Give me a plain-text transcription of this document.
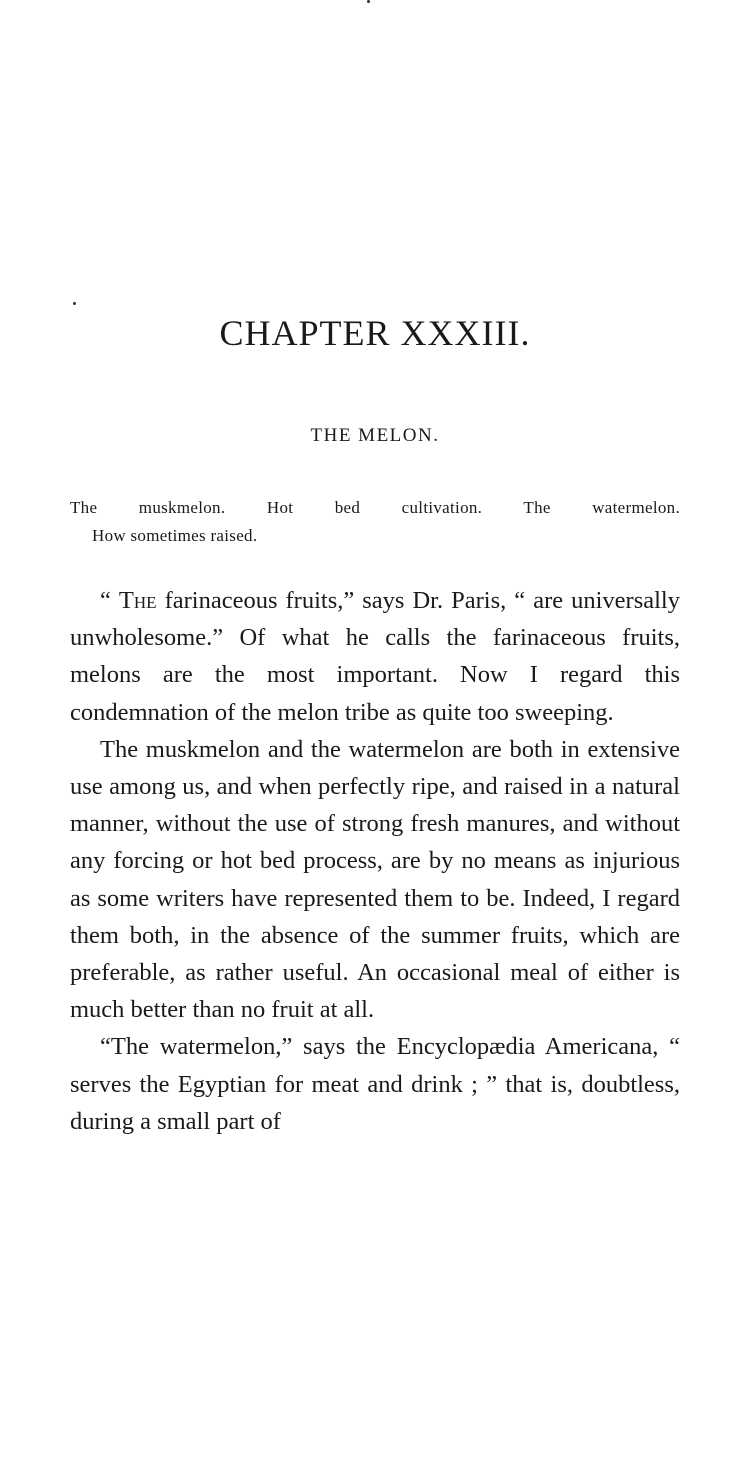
CHAPTER XXXIII.
THE MELON.
The muskmelon. Hot bed cultivation. The watermelon.
How sometimes raised.

“ The farinaceous fruits,” says Dr. Paris, “ are universally unwholesome.” Of what he calls the farinaceous fruits, melons are the most important. Now I regard this condemnation of the melon tribe as quite too sweeping.

The muskmelon and the watermelon are both in extensive use among us, and when perfectly ripe, and raised in a natural manner, without the use of strong fresh manures, and without any forcing or hot bed process, are by no means as injurious as some writers have represented them to be. Indeed, I regard them both, in the absence of the summer fruits, which are preferable, as rather useful. An occasional meal of either is much better than no fruit at all.

“The watermelon,” says the Encyclopædia Americana, “ serves the Egyptian for meat and drink ; ” that is, doubtless, during a small part of
